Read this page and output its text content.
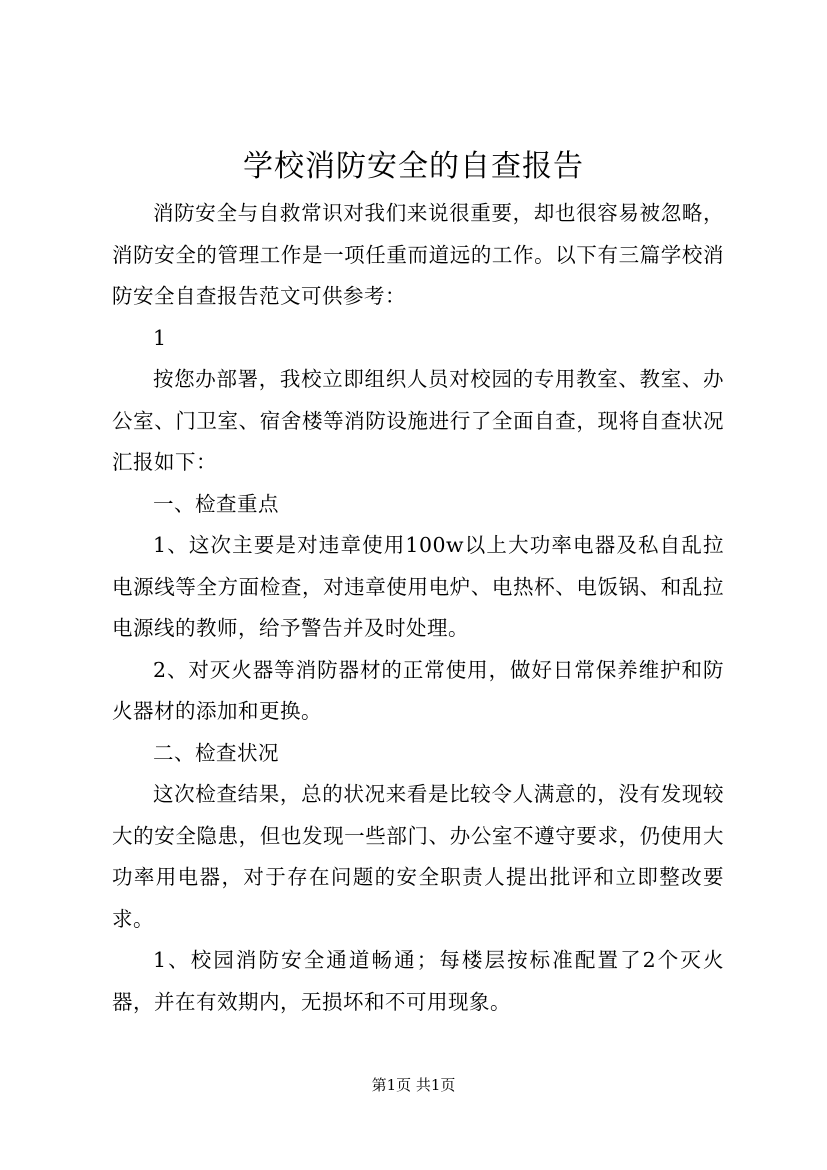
学校消防安全的自查报告

消防安全与自救常识对我们来说很重要，却也很容易被忽略，消防安全的管理工作是一项任重而道远的工作。以下有三篇学校消防安全自查报告范文可供参考：

1

按您办部署，我校立即组织人员对校园的专用教室、教室、办公室、门卫室、宿舍楼等消防设施进行了全面自查，现将自查状况汇报如下：

一、检查重点

1、这次主要是对违章使用100w以上大功率电器及私自乱拉电源线等全方面检查，对违章使用电炉、电热杯、电饭锅、和乱拉电源线的教师，给予警告并及时处理。

2、对灭火器等消防器材的正常使用，做好日常保养维护和防火器材的添加和更换。

二、检查状况

这次检查结果，总的状况来看是比较令人满意的，没有发现较大的安全隐患，但也发现一些部门、办公室不遵守要求，仍使用大功率用电器，对于存在问题的安全职责人提出批评和立即整改要求。

1、校园消防安全通道畅通；每楼层按标准配置了2个灭火器，并在有效期内，无损坏和不可用现象。

第1页 共1页
